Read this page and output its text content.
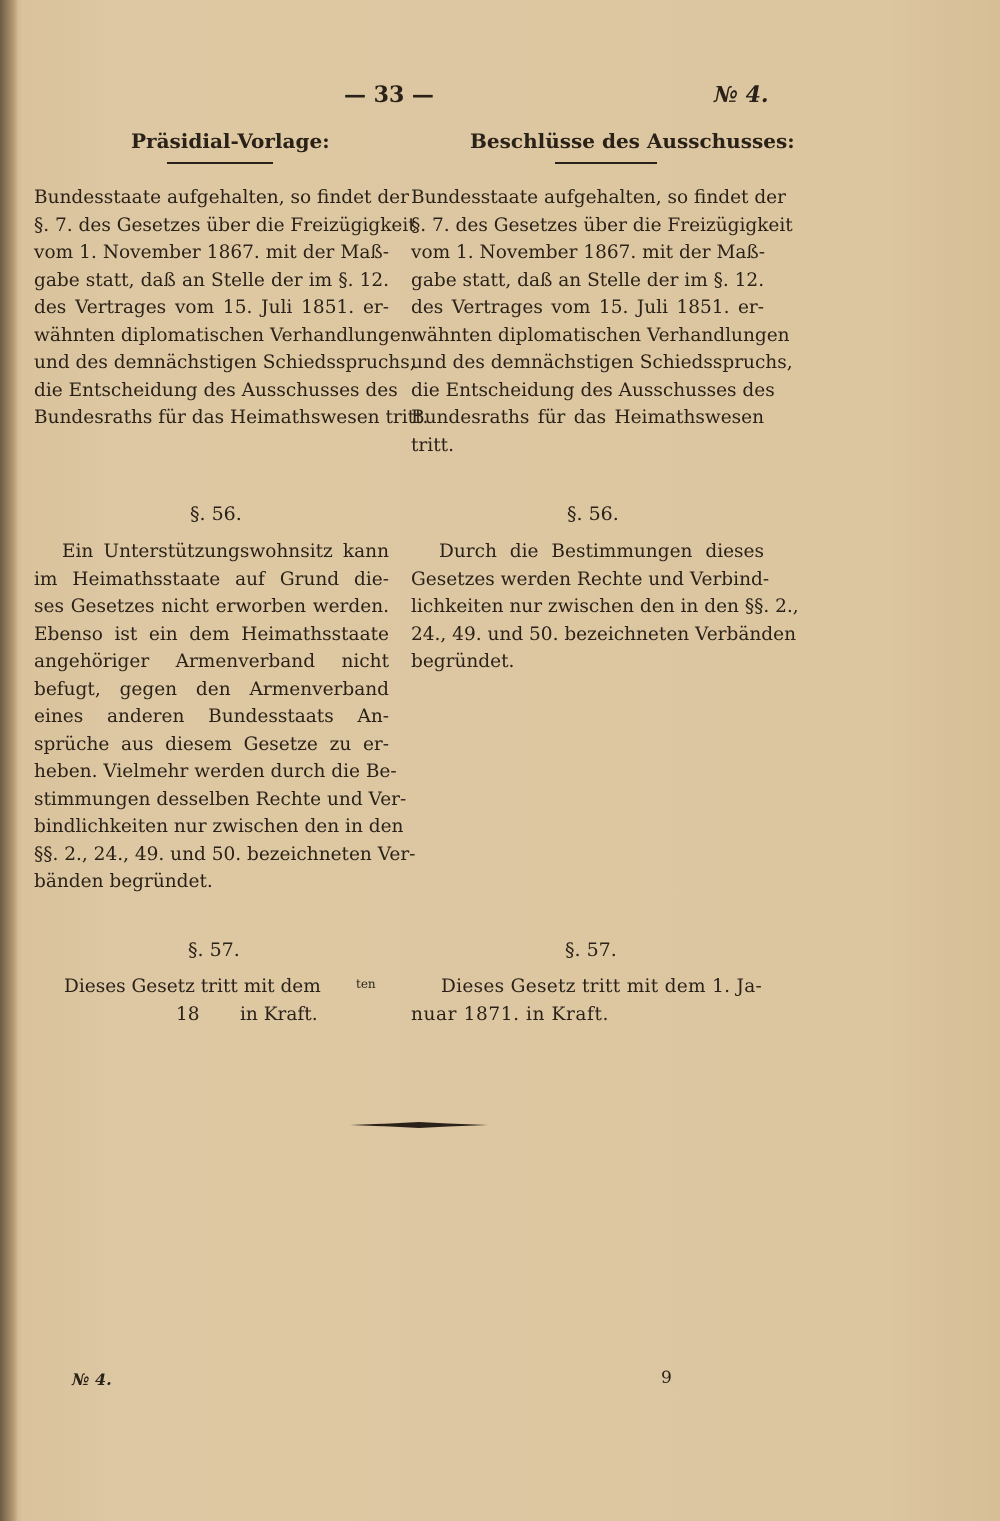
— 33 —	№ 4.
Präsidial-Vorlage:	Beschlüsse des Ausschusses:
Bundesstaate aufgehalten, so findet der
§. 7. des Gesetzes über die Freizügigkeit
vom 1. November 1867. mit der Maß-
gabe statt, daß an Stelle der im §. 12.
des Vertrages vom 15. Juli 1851. er-
wähnten diplomatischen Verhandlungen
und des demnächstigen Schiedsspruchs,
die Entscheidung des Ausschusses des
Bundesraths für das Heimathswesen tritt.
Bundesstaate aufgehalten, so findet der
§. 7. des Gesetzes über die Freizügigkeit
vom 1. November 1867. mit der Maß-
gabe statt, daß an Stelle der im §. 12.
des Vertrages vom 15. Juli 1851. er-
wähnten diplomatischen Verhandlungen
und des demnächstigen Schiedsspruchs,
die Entscheidung des Ausschusses des
Bundesraths für das Heimathswesen
tritt.
§. 56.	§. 56.
Ein Unterstützungswohnsitz kann
im Heimathsstaate auf Grund die-
ses Gesetzes nicht erworben werden.
Ebenso ist ein dem Heimathsstaate
angehöriger Armenverband nicht
befugt, gegen den Armenverband
eines anderen Bundesstaats An-
sprüche aus diesem Gesetze zu er-
heben. Vielmehr werden durch die Be-
stimmungen desselben Rechte und Ver-
bindlichkeiten nur zwischen den in den
§§. 2., 24., 49. und 50. bezeichneten Ver-
bänden begründet.
Durch die Bestimmungen dieses
Gesetzes werden Rechte und Verbind-
lichkeiten nur zwischen den in den §§. 2.,
24., 49. und 50. bezeichneten Verbänden
begründet.
§. 57.	§. 57.
Dieses Gesetz tritt mit dem	ten
18 in Kraft.
Dieses Gesetz tritt mit dem 1. Ja-
nuar 1871. in Kraft.
№ 4.	9
